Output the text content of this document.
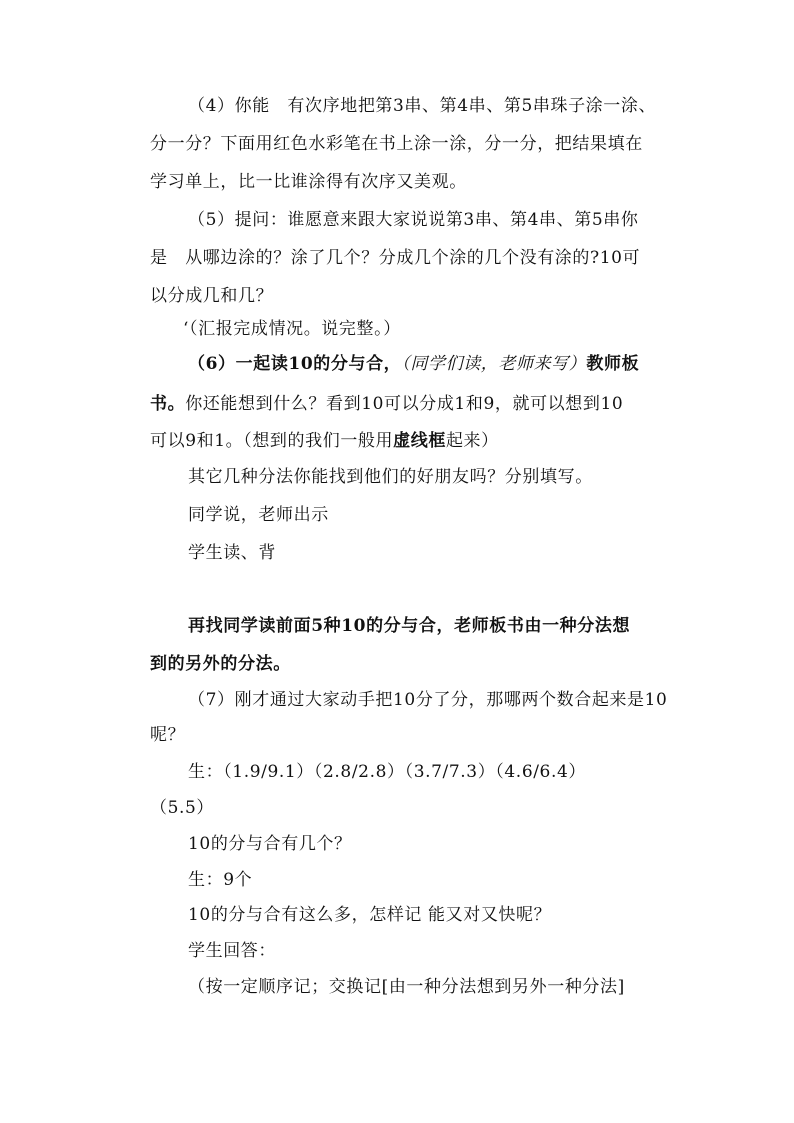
（4）你能　有次序地把第3串、第4串、第5串珠子涂一涂、
分一分？下面用红色水彩笔在书上涂一涂，分一分，把结果填在
学习单上，比一比谁涂得有次序又美观。
（5）提问：谁愿意来跟大家说说第3串、第4串、第5串你
是　从哪边涂的？涂了几个？分成几个涂的几个没有涂的?10可
以分成几和几？
‘（汇报完成情况。说完整。）
（6）一起读10的分与合，（同学们读，老师来写）教师板
书。你还能想到什么？看到10可以分成1和9，就可以想到10
可以9和1。（想到的我们一般用虚线框起来）
其它几种分法你能找到他们的好朋友吗？分别填写。
同学说，老师出示
学生读、背
再找同学读前面5种10的分与合，老师板书由一种分法想
到的另外的分法。
（7）刚才通过大家动手把10分了分，那哪两个数合起来是10
呢？
生：（1.9/9.1）（2.8/2.8）（3.7/7.3）（4.6/6.4）
（5.5）
10的分与合有几个？
生：9个
10的分与合有这么多，怎样记 能又对又快呢？
学生回答：
（按一定顺序记；交换记[由一种分法想到另外一种分法]
